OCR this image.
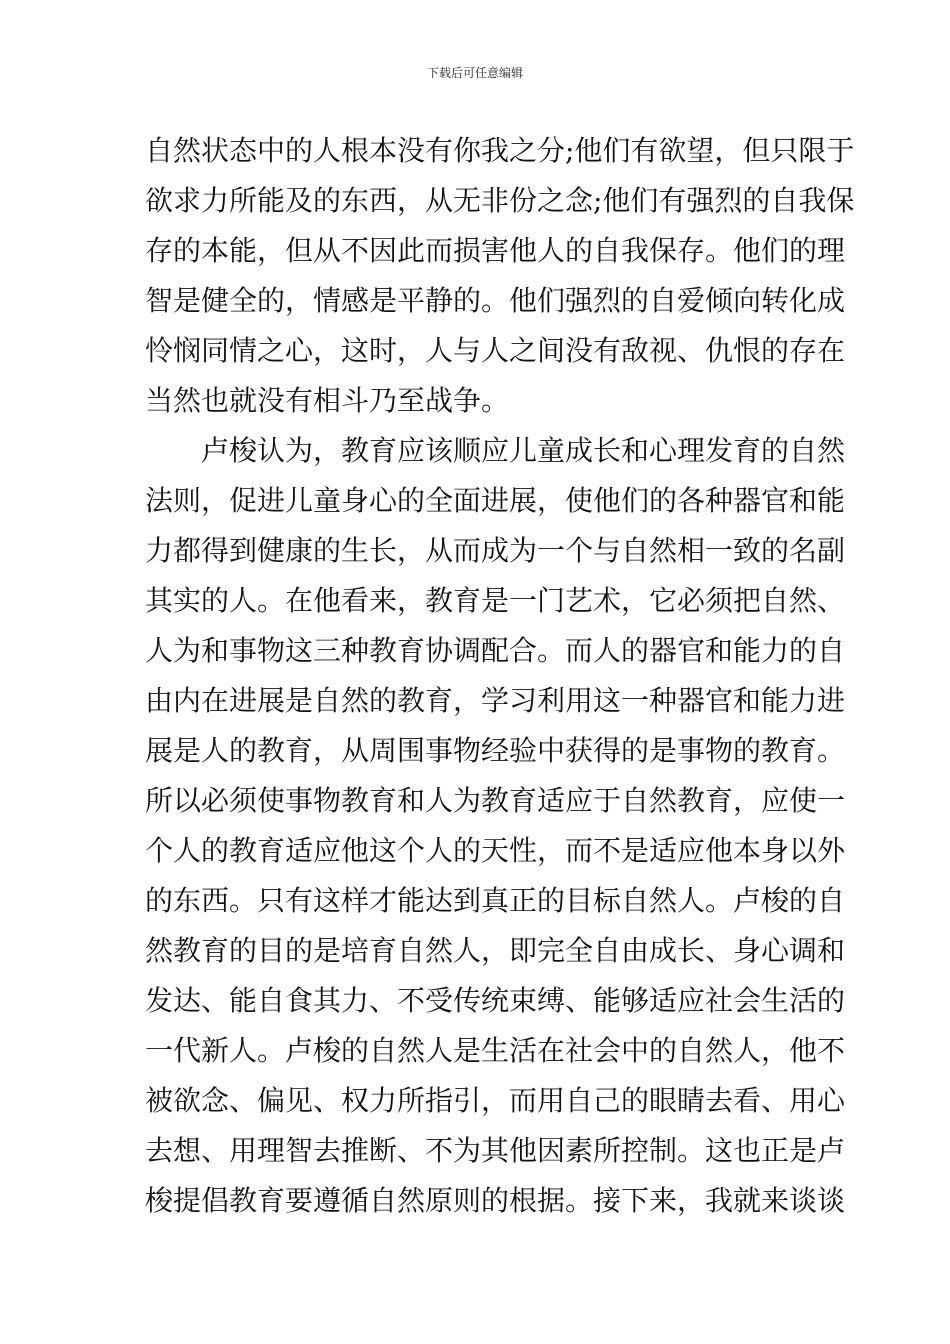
下载后可任意编辑
自然状态中的人根本没有你我之分;他们有欲望，但只限于
欲求力所能及的东西，从无非份之念;他们有强烈的自我保
存的本能，但从不因此而损害他人的自我保存。他们的理
智是健全的，情感是平静的。他们强烈的自爱倾向转化成
怜悯同情之心，这时，人与人之间没有敌视、仇恨的存在
当然也就没有相斗乃至战争。
　　卢梭认为，教育应该顺应儿童成长和心理发育的自然
法则，促进儿童身心的全面进展，使他们的各种器官和能
力都得到健康的生长，从而成为一个与自然相一致的名副
其实的人。在他看来，教育是一门艺术，它必须把自然、
人为和事物这三种教育协调配合。而人的器官和能力的自
由内在进展是自然的教育，学习利用这一种器官和能力进
展是人的教育，从周围事物经验中获得的是事物的教育。
所以必须使事物教育和人为教育适应于自然教育，应使一
个人的教育适应他这个人的天性，而不是适应他本身以外
的东西。只有这样才能达到真正的目标自然人。卢梭的自
然教育的目的是培育自然人，即完全自由成长、身心调和
发达、能自食其力、不受传统束缚、能够适应社会生活的
一代新人。卢梭的自然人是生活在社会中的自然人，他不
被欲念、偏见、权力所指引，而用自己的眼睛去看、用心
去想、用理智去推断、不为其他因素所控制。这也正是卢
梭提倡教育要遵循自然原则的根据。接下来，我就来谈谈
